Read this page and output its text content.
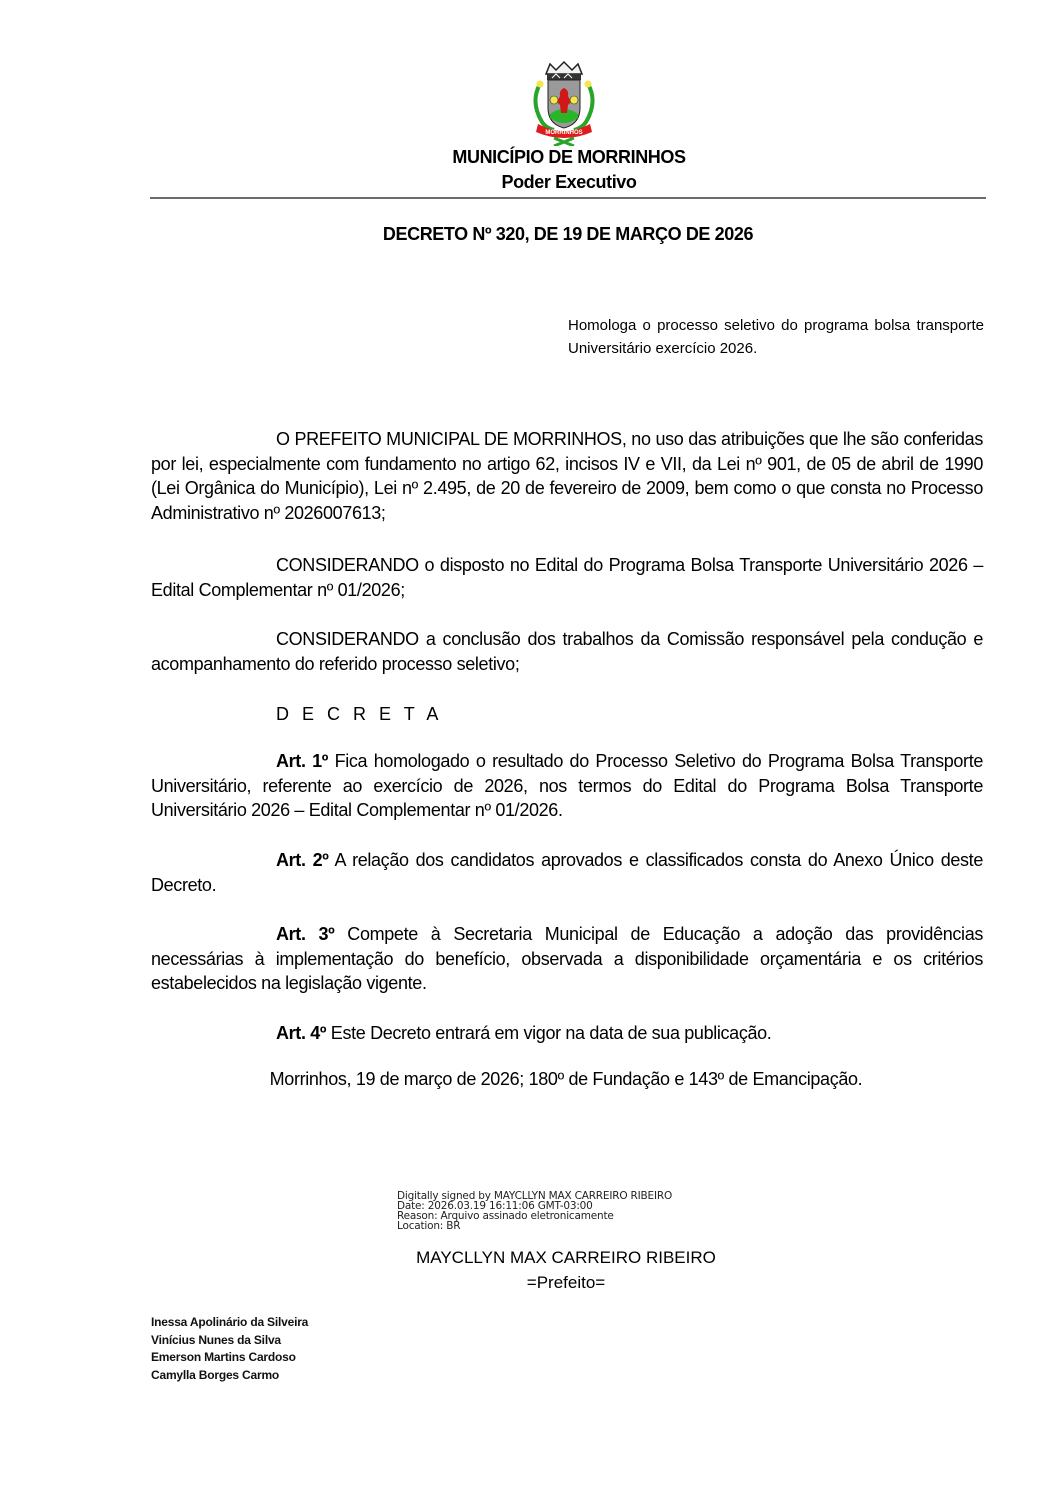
MORRINHOS
MUNICÍPIO DE MORRINHOS
Poder Executivo
DECRETO Nº 320, DE 19 DE MARÇO DE 2026
Homologa o processo seletivo do programa bolsa transporte Universitário exercício 2026.
O PREFEITO MUNICIPAL DE MORRINHOS, no uso das atribuições que lhe são conferidas por lei, especialmente com fundamento no artigo 62, incisos IV e VII, da Lei nº 901, de 05 de abril de 1990 (Lei Orgânica do Município), Lei nº 2.495, de 20 de fevereiro de 2009, bem como o que consta no Processo Administrativo nº 2026007613;
CONSIDERANDO o disposto no Edital do Programa Bolsa Transporte Universitário 2026 – Edital Complementar nº 01/2026;
CONSIDERANDO a conclusão dos trabalhos da Comissão responsável pela condução e acompanhamento do referido processo seletivo;
D E C R E T A
Art. 1º Fica homologado o resultado do Processo Seletivo do Programa Bolsa Transporte Universitário, referente ao exercício de 2026, nos termos do Edital do Programa Bolsa Transporte Universitário 2026 – Edital Complementar nº 01/2026.
Art. 2º A relação dos candidatos aprovados e classificados consta do Anexo Único deste Decreto.
Art. 3º Compete à Secretaria Municipal de Educação a adoção das providências necessárias à implementação do benefício, observada a disponibilidade orçamentária e os critérios estabelecidos na legislação vigente.
Art. 4º Este Decreto entrará em vigor na data de sua publicação.
Morrinhos, 19 de março de 2026; 180º de Fundação e 143º de Emancipação.
Digitally signed by MAYCLLYN MAX CARREIRO RIBEIRO
Date: 2026.03.19 16:11:06 GMT-03:00
Reason: Arquivo assinado eletronicamente
Location: BR
MAYCLLYN MAX CARREIRO RIBEIRO
=Prefeito=
Inessa Apolinário da Silveira
Vinícius Nunes da Silva
Emerson Martins Cardoso
Camylla Borges Carmo
